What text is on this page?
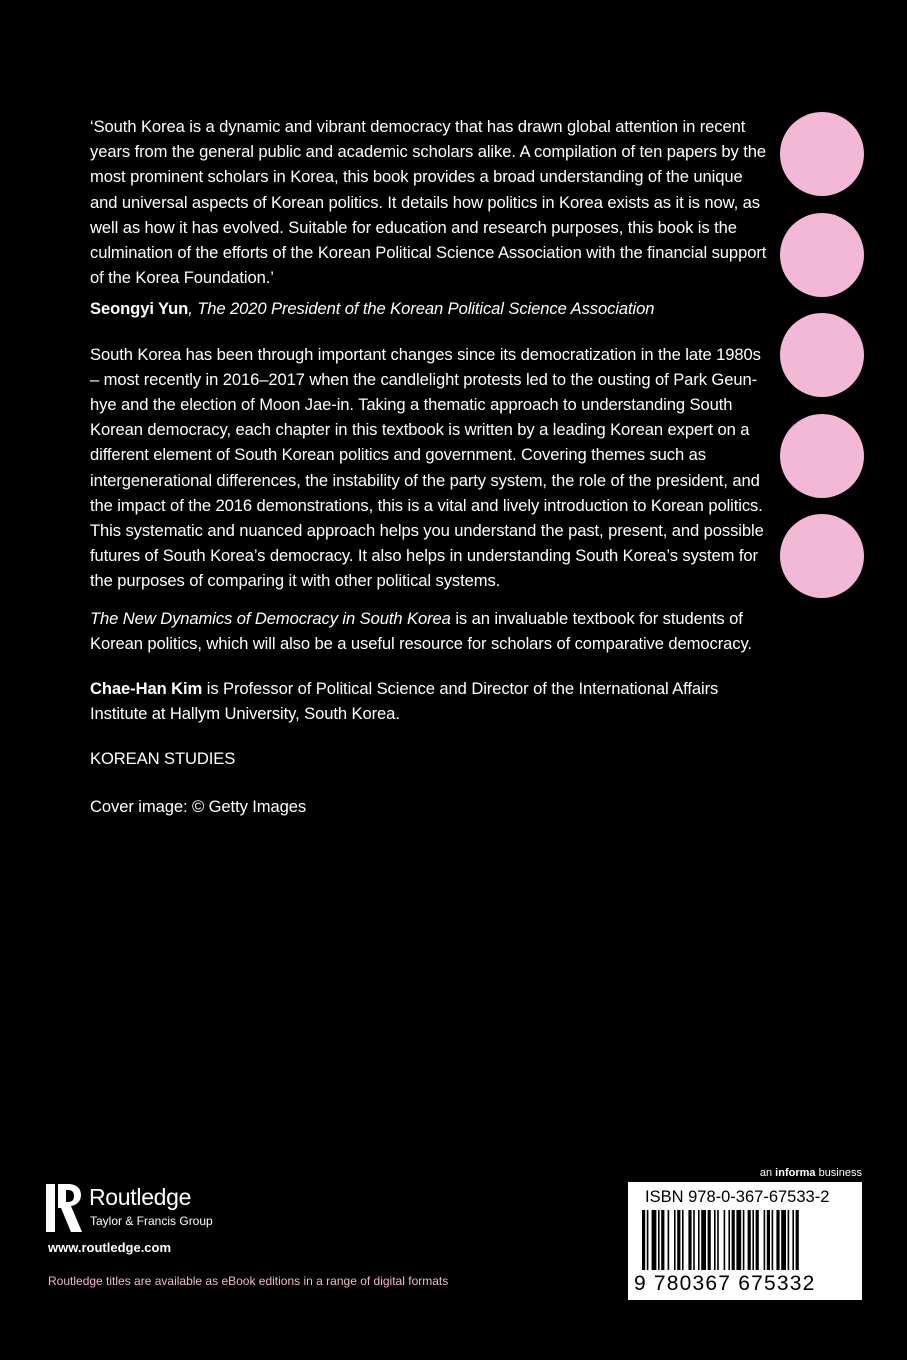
‘South Korea is a dynamic and vibrant democracy that has drawn global attention in recent years from the general public and academic scholars alike. A compilation of ten papers by the most prominent scholars in Korea, this book provides a broad understanding of the unique and universal aspects of Korean politics. It details how politics in Korea exists as it is now, as well as how it has evolved. Suitable for education and research purposes, this book is the culmination of the efforts of the Korean Political Science Association with the financial support of the Korea Foundation.’

Seongyi Yun, The 2020 President of the Korean Political Science Association

South Korea has been through important changes since its democratization in the late 1980s – most recently in 2016–2017 when the candlelight protests led to the ousting of Park Geun-hye and the election of Moon Jae-in. Taking a thematic approach to understanding South Korean democracy, each chapter in this textbook is written by a leading Korean expert on a different element of South Korean politics and government. Covering themes such as intergenerational differences, the instability of the party system, the role of the president, and the impact of the 2016 demonstrations, this is a vital and lively introduction to Korean politics. This systematic and nuanced approach helps you understand the past, present, and possible futures of South Korea’s democracy. It also helps in understanding South Korea’s system for the purposes of comparing it with other political systems.

The New Dynamics of Democracy in South Korea is an invaluable textbook for students of Korean politics, which will also be a useful resource for scholars of comparative democracy.

Chae-Han Kim is Professor of Political Science and Director of the International Affairs Institute at Hallym University, South Korea.

KOREAN STUDIES

Cover image: © Getty Images

Routledge
Taylor & Francis Group
www.routledge.com
Routledge titles are available as eBook editions in a range of digital formats
an informa business
ISBN 978-0-367-67533-2
9 780367 675332
